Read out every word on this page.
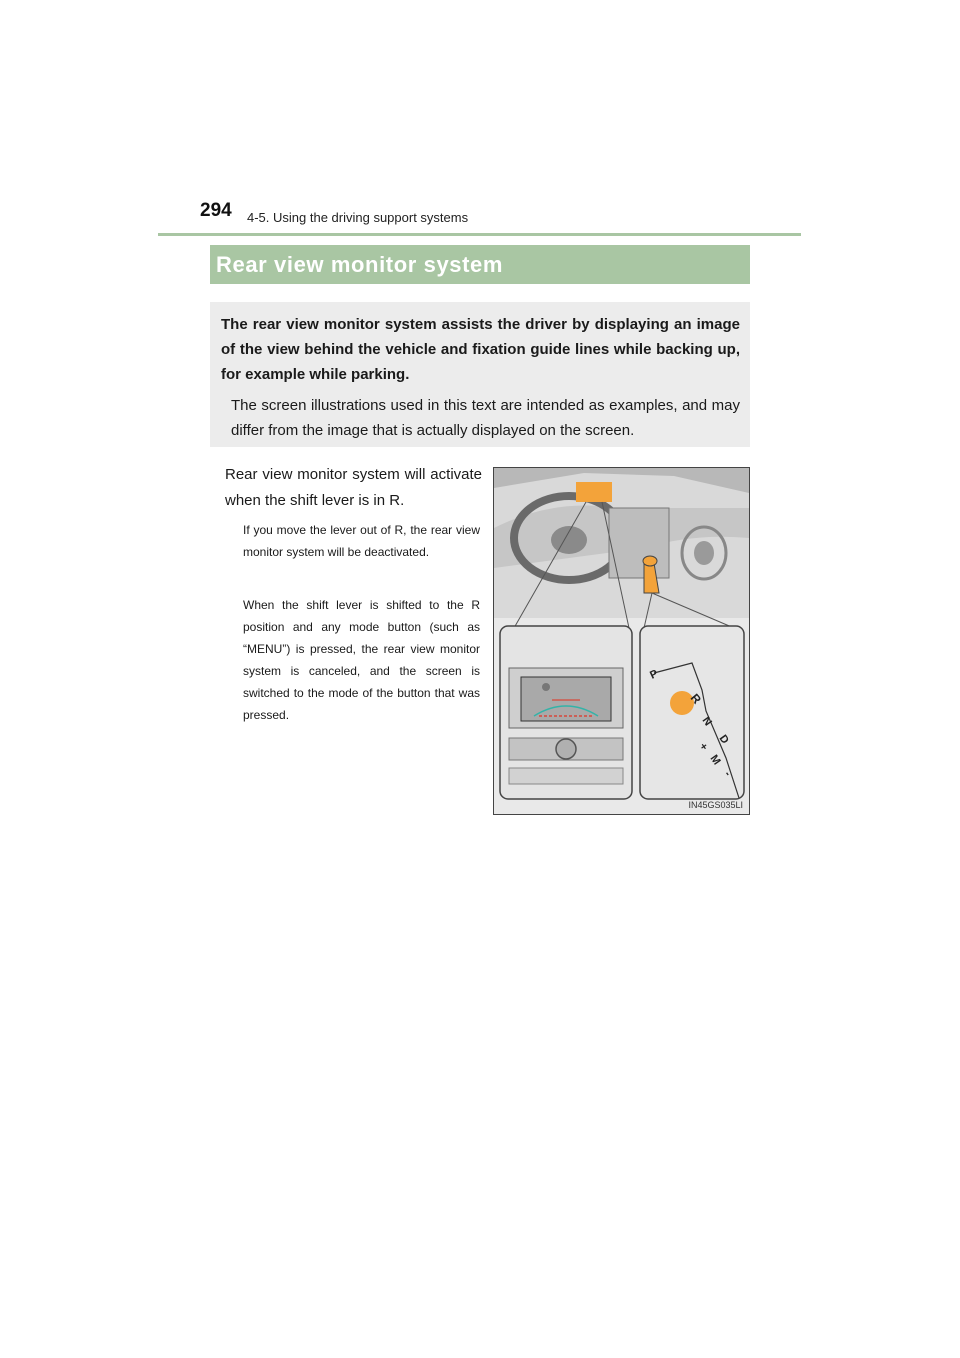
294 4-5. Using the driving support systems
Rear view monitor system

The rear view monitor system assists the driver by displaying an image of the view behind the vehicle and fixation guide lines while backing up, for example while parking.

The screen illustrations used in this text are intended as examples, and may differ from the image that is actually displayed on the screen.

Rear view monitor system will activate when the shift lever is in R.

If you move the lever out of R, the rear view monitor system will be deactivated.

When the shift lever is shifted to the R position and any mode button (such as “MENU”) is pressed, the rear view monitor system is canceled, and the screen is switched to the mode of the button that was pressed.

P
R
N
D
+
M
-
IN45GS035LI
